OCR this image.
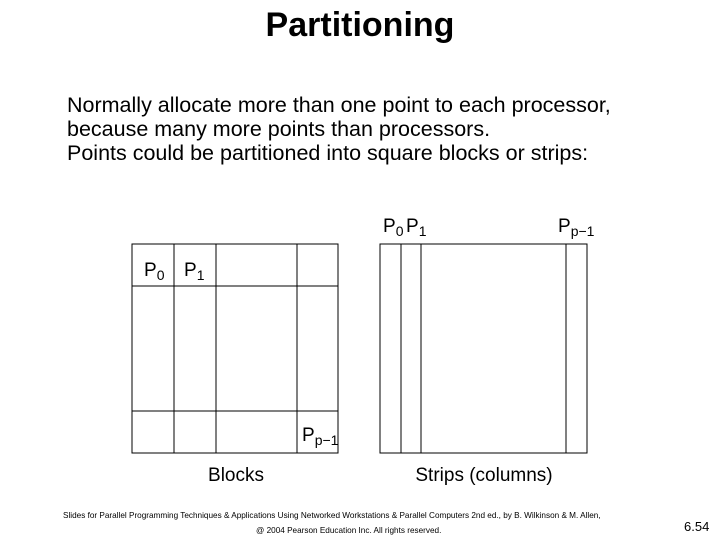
Partitioning
Normally allocate more than one point to each processor,
because many more points than processors.
Points could be partitioned into square blocks or strips:
$P_0$ $P_1$
$P_{p-1}$
Blocks
$P_0$ $P_1$	$P_{p-1}$
Strips (columns)
Slides for Parallel Programming Techniques & Applications Using Networked Workstations & Parallel Computers 2nd ed., by B. Wilkinson & M. Allen,
@ 2004 Pearson Education Inc. All rights reserved.	6.54
